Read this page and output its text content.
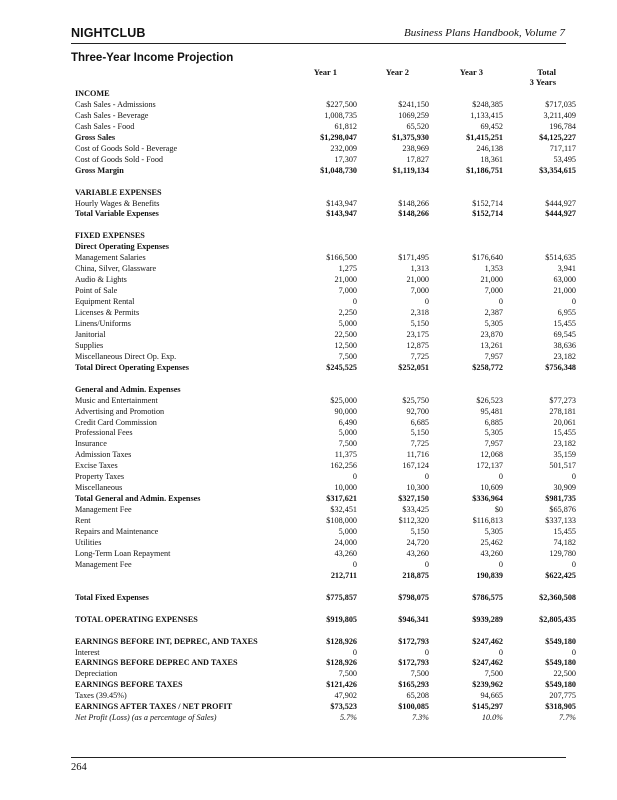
NIGHTCLUB	Business Plans Handbook, Volume 7
Three-Year Income Projection
Year 1	Year 2	Year 3	Total
3 Years
INCOME
Cash Sales - Admissions	$227,500	$241,150	$248,385	$717,035
Cash Sales - Beverage	1,008,735	1069,259	1,133,415	3,211,409
Cash Sales - Food	61,812	65,520	69,452	196,784
Gross Sales	$1,298,047	$1,375,930	$1,415,251	$4,125,227
Cost of Goods Sold - Beverage	232,009	238,969	246,138	717,117
Cost of Goods Sold - Food	17,307	17,827	18,361	53,495
Gross Margin	$1,048,730	$1,119,134	$1,186,751	$3,354,615
VARIABLE EXPENSES
Hourly Wages & Benefits	$143,947	$148,266	$152,714	$444,927
Total Variable Expenses	$143,947	$148,266	$152,714	$444,927
FIXED EXPENSES
Direct Operating Expenses
Management Salaries	$166,500	$171,495	$176,640	$514,635
China, Silver, Glassware	1,275	1,313	1,353	3,941
Audio & Lights	21,000	21,000	21,000	63,000
Point of Sale	7,000	7,000	7,000	21,000
Equipment Rental	0	0	0	0
Licenses & Permits	2,250	2,318	2,387	6,955
Linens/Uniforms	5,000	5,150	5,305	15,455
Janitorial	22,500	23,175	23,870	69,545
Supplies	12,500	12,875	13,261	38,636
Miscellaneous Direct Op. Exp.	7,500	7,725	7,957	23,182
Total Direct Operating Expenses	$245,525	$252,051	$258,772	$756,348
General and Admin. Expenses
Music and Entertainment	$25,000	$25,750	$26,523	$77,273
Advertising and Promotion	90,000	92,700	95,481	278,181
Credit Card Commission	6,490	6,685	6,885	20,061
Professional Fees	5,000	5,150	5,305	15,455
Insurance	7,500	7,725	7,957	23,182
Admission Taxes	11,375	11,716	12,068	35,159
Excise Taxes	162,256	167,124	172,137	501,517
Property Taxes	0	0	0	0
Miscellaneous	10,000	10,300	10,609	30,909
Total General and Admin. Expenses	$317,621	$327,150	$336,964	$981,735
Management Fee	$32,451	$33,425	$0	$65,876
Rent	$108,000	$112,320	$116,813	$337,133
Repairs and Maintenance	5,000	5,150	5,305	15,455
Utilities	24,000	24,720	25,462	74,182
Long-Term Loan Repayment	43,260	43,260	43,260	129,780
Management Fee	0	0	0	0
212,711	218,875	190,839	$622,425
Total Fixed Expenses	$775,857	$798,075	$786,575	$2,360,508
TOTAL OPERATING EXPENSES	$919,805	$946,341	$939,289	$2,805,435
EARNINGS BEFORE INT, DEPREC, AND TAXES	$128,926	$172,793	$247,462	$549,180
Interest	0	0	0	0
EARNINGS BEFORE DEPREC AND TAXES	$128,926	$172,793	$247,462	$549,180
Depreciation	7,500	7,500	7,500	22,500
EARNINGS BEFORE TAXES	$121,426	$165,293	$239,962	$549,180
Taxes (39.45%)	47,902	65,208	94,665	207,775
EARNINGS AFTER TAXES / NET PROFIT	$73,523	$100,085	$145,297	$318,905
Net Profit (Loss) (as a percentage of Sales)	5.7%	7.3%	10.0%	7.7%
264
